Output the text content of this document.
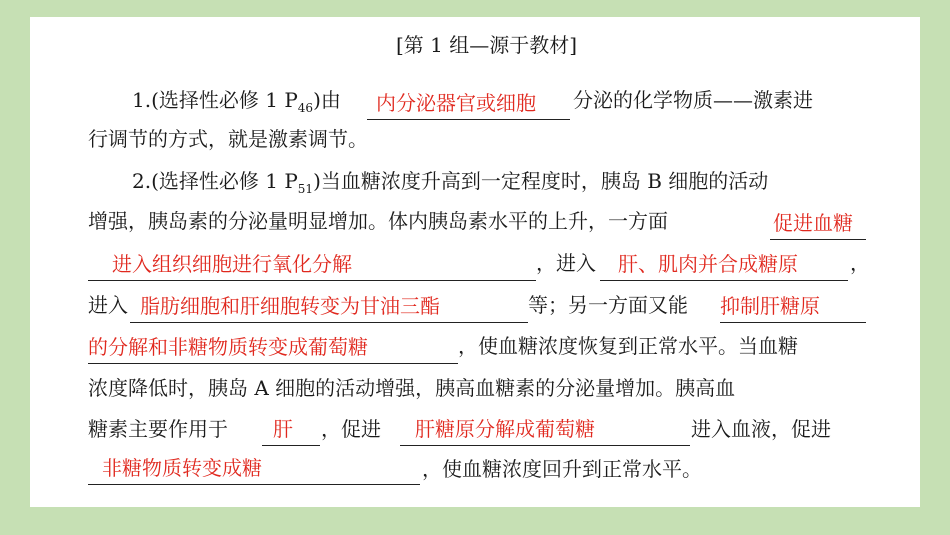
[第 1 组—源于教材]
1.(选择性必修 1 $P_{46}$)由 内分泌器官或细胞 分泌的化学物质——激素进
行调节的方式，就是激素调节。
2.(选择性必修 1 $P_{51}$)当血糖浓度升高到一定程度时，胰岛 B 细胞的活动
增强，胰岛素的分泌量明显增加。体内胰岛素水平的上升，一方面	促进血糖
进入组织细胞进行氧化分解	，进入 肝、肌肉并合成糖原	，
进入 脂肪细胞和肝细胞转变为甘油三酯	等；另一方面又能 抑制肝糖原
的分解和非糖物质转变成葡萄糖	，使血糖浓度恢复到正常水平。当血糖
浓度降低时，胰岛 A 细胞的活动增强，胰高血糖素的分泌量增加。胰高血
糖素主要作用于 肝 ，促进 肝糖原分解成葡萄糖	进入血液，促进
非糖物质转变成糖	，使血糖浓度回升到正常水平。
